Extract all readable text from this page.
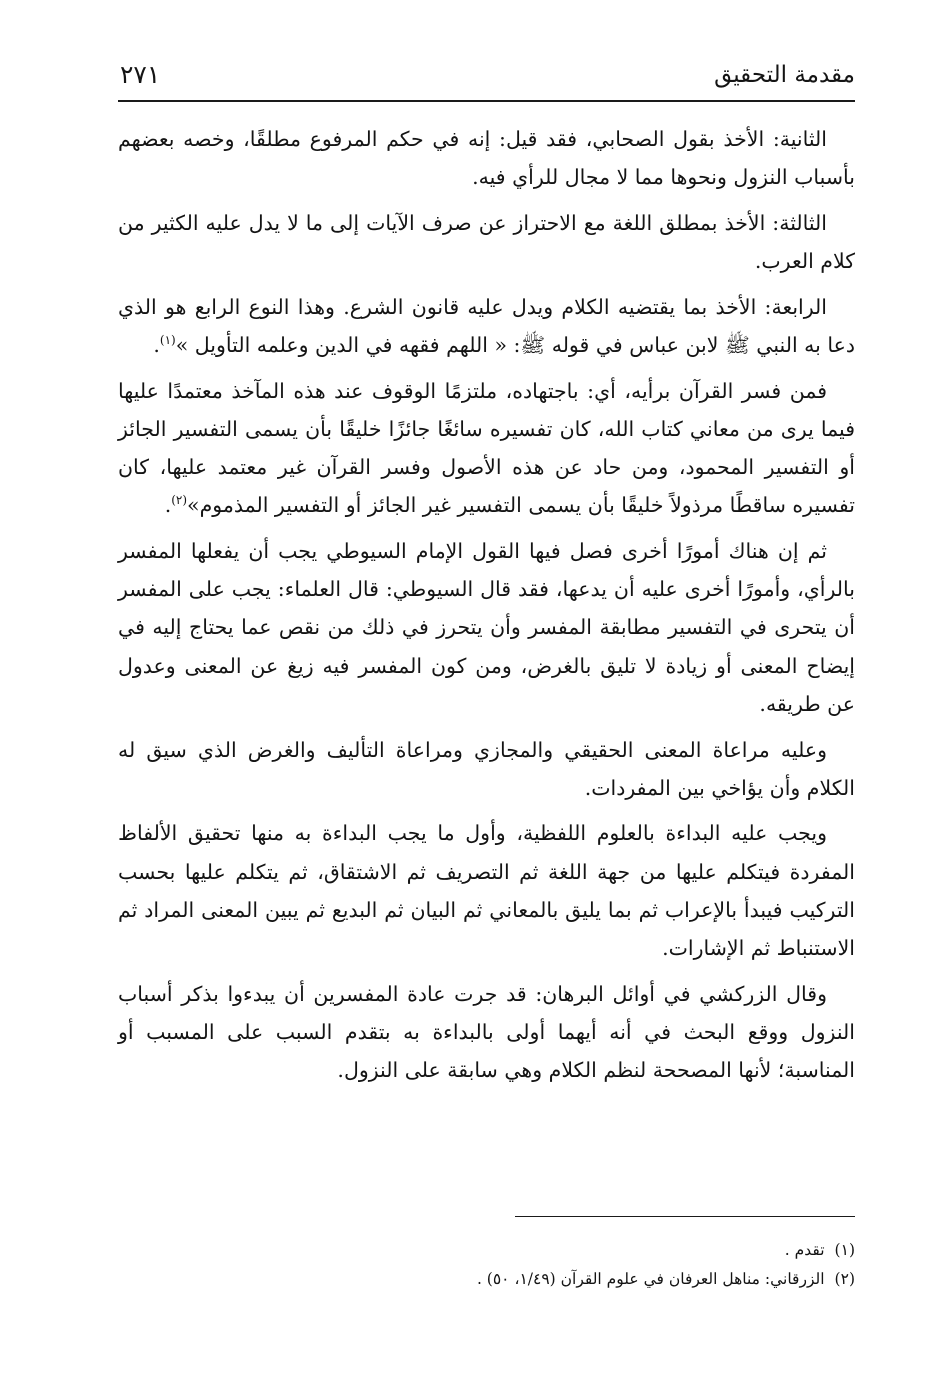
مقدمة التحقيق
٢٧١

الثانية: الأخذ بقول الصحابي، فقد قيل: إنه في حكم المرفوع مطلقًا، وخصه بعضهم بأسباب النزول ونحوها مما لا مجال للرأي فيه.

الثالثة: الأخذ بمطلق اللغة مع الاحتراز عن صرف الآيات إلى ما لا يدل عليه الكثير من كلام العرب.

الرابعة: الأخذ بما يقتضيه الكلام ويدل عليه قانون الشرع. وهذا النوع الرابع هو الذي دعا به النبي ﷺ لابن عباس في قوله ﷺ: « اللهم فقهه في الدين وعلمه التأويل »$^{(١)}$.

فمن فسر القرآن برأيه، أي: باجتهاده، ملتزمًا الوقوف عند هذه المآخذ معتمدًا عليها فيما يرى من معاني كتاب الله، كان تفسيره سائغًا جائزًا خليقًا بأن يسمى التفسير الجائز أو التفسير المحمود، ومن حاد عن هذه الأصول وفسر القرآن غير معتمد عليها، كان تفسيره ساقطًا مرذولاً خليقًا بأن يسمى التفسير غير الجائز أو التفسير المذموم»$^{(٢)}$.

ثم إن هناك أمورًا أخرى فصل فيها القول الإمام السيوطي يجب أن يفعلها المفسر بالرأي، وأمورًا أخرى عليه أن يدعها، فقد قال السيوطي: قال العلماء: يجب على المفسر أن يتحرى في التفسير مطابقة المفسر وأن يتحرز في ذلك من نقص عما يحتاج إليه في إيضاح المعنى أو زيادة لا تليق بالغرض، ومن كون المفسر فيه زيغ عن المعنى وعدول عن طريقه.

وعليه مراعاة المعنى الحقيقي والمجازي ومراعاة التأليف والغرض الذي سيق له الكلام وأن يؤاخي بين المفردات.

ويجب عليه البداءة بالعلوم اللفظية، وأول ما يجب البداءة به منها تحقيق الألفاظ المفردة فيتكلم عليها من جهة اللغة ثم التصريف ثم الاشتقاق، ثم يتكلم عليها بحسب التركيب فيبدأ بالإعراب ثم بما يليق بالمعاني ثم البيان ثم البديع ثم يبين المعنى المراد ثم الاستنباط ثم الإشارات.

وقال الزركشي في أوائل البرهان: قد جرت عادة المفسرين أن يبدءوا بذكر أسباب النزول ووقع البحث في أنه أيهما أولى بالبداءة به بتقدم السبب على المسبب أو المناسبة؛ لأنها المصححة لنظم الكلام وهي سابقة على النزول.

(١)تقدم .

(٢)الزرقاني: مناهل العرفان في علوم القرآن (١/٤٩، ٥٠) .
